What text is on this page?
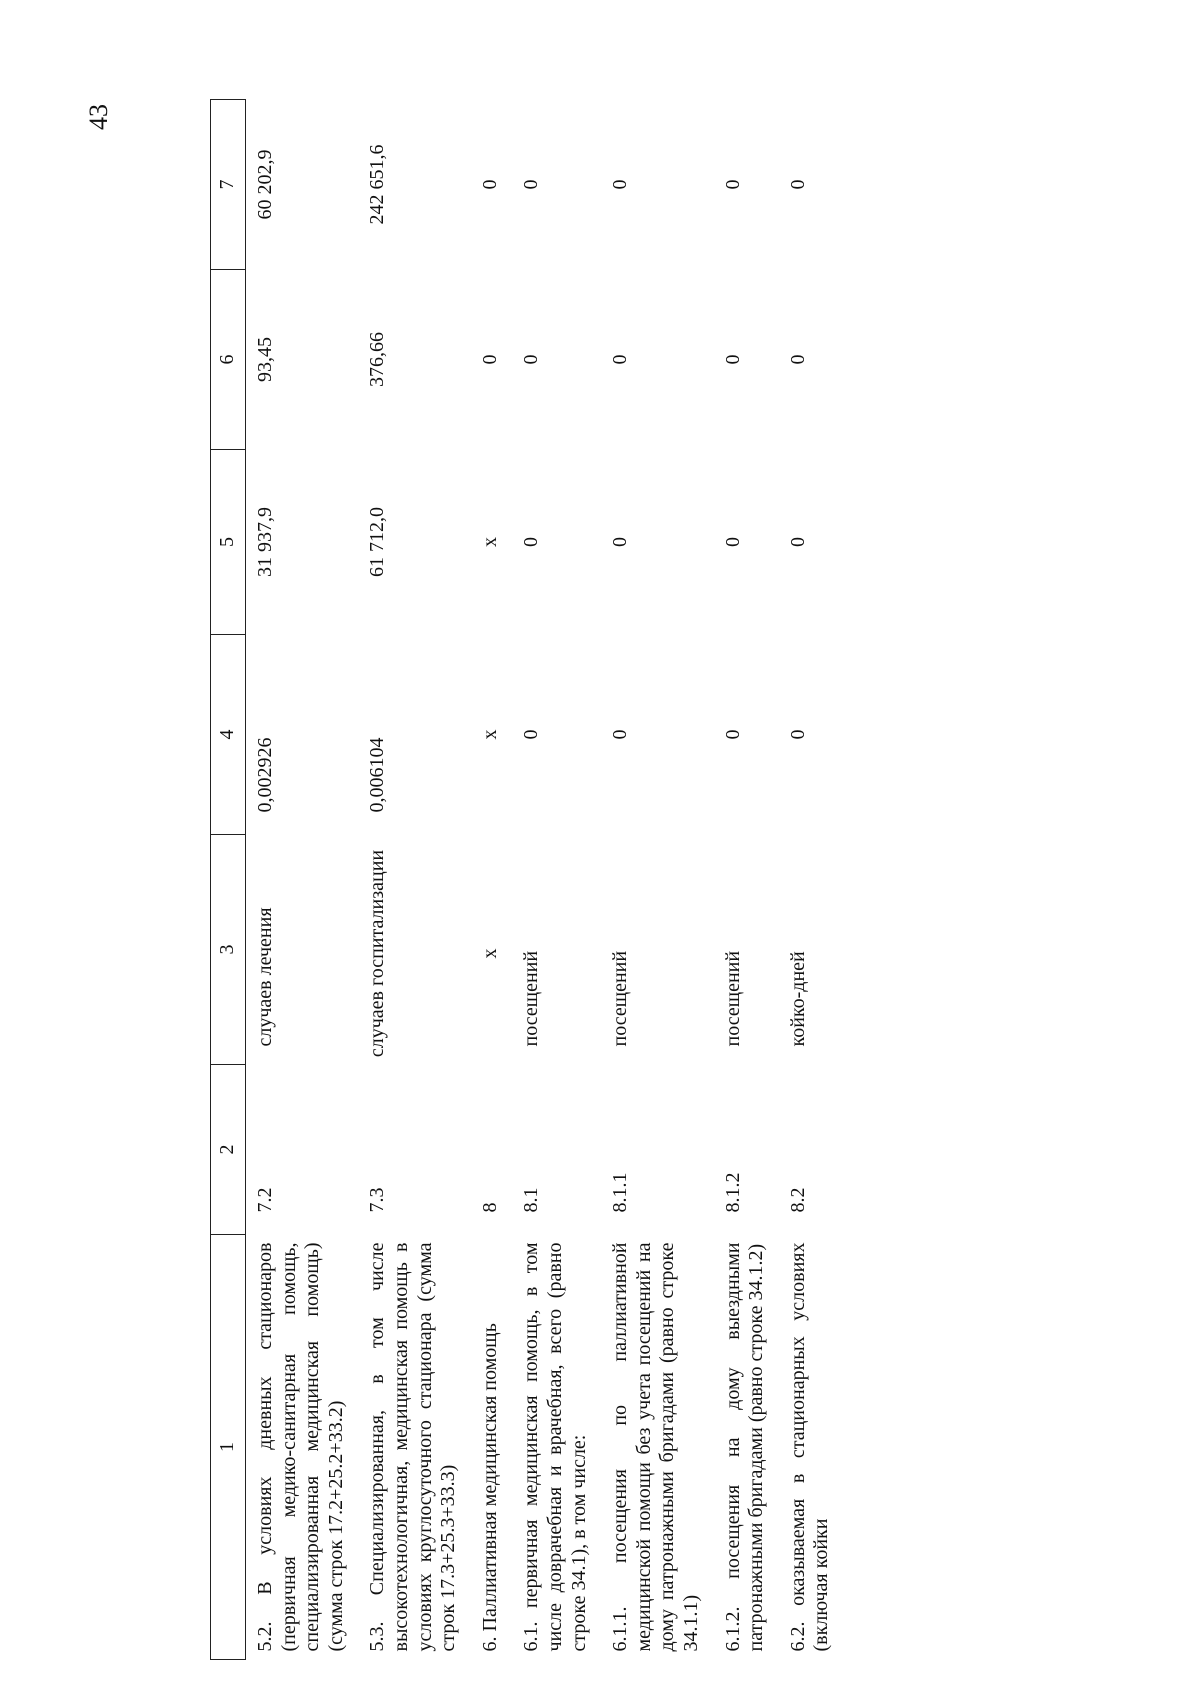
43
1	2	3	4	5	6	7
5.2. В условиях дневных стационаров (первичная медико-санитарная помощь, специализированная медицинская помощь) (сумма строк 17.2+25.2+33.2)	7.2	случаев лечения	0,002926	31 937,9	93,45	60 202,9
5.3. Специализированная, в том числе высокотехнологичная, медицинская помощь в условиях круглосуточного стационара (сумма строк 17.3+25.3+33.3)	7.3	случаев госпитализации	0,006104	61 712,0	376,66	242 651,6
6. Паллиативная медицинская помощь	8	х	х	х	0	0
6.1. первичная медицинская помощь, в том числе доврачебная и врачебная, всего (равно строке 34.1), в том числе:	8.1	посещений	0	0	0	0
6.1.1. посещения по паллиативной медицинской помощи без учета посещений на дому патронажными бригадами (равно строке 34.1.1)	8.1.1	посещений	0	0	0	0
6.1.2. посещения на дому выездными патронажными бригадами (равно строке 34.1.2)	8.1.2	посещений	0	0	0	0
6.2. оказываемая в стационарных условиях (включая койки	8.2	койко-дней	0	0	0	0
